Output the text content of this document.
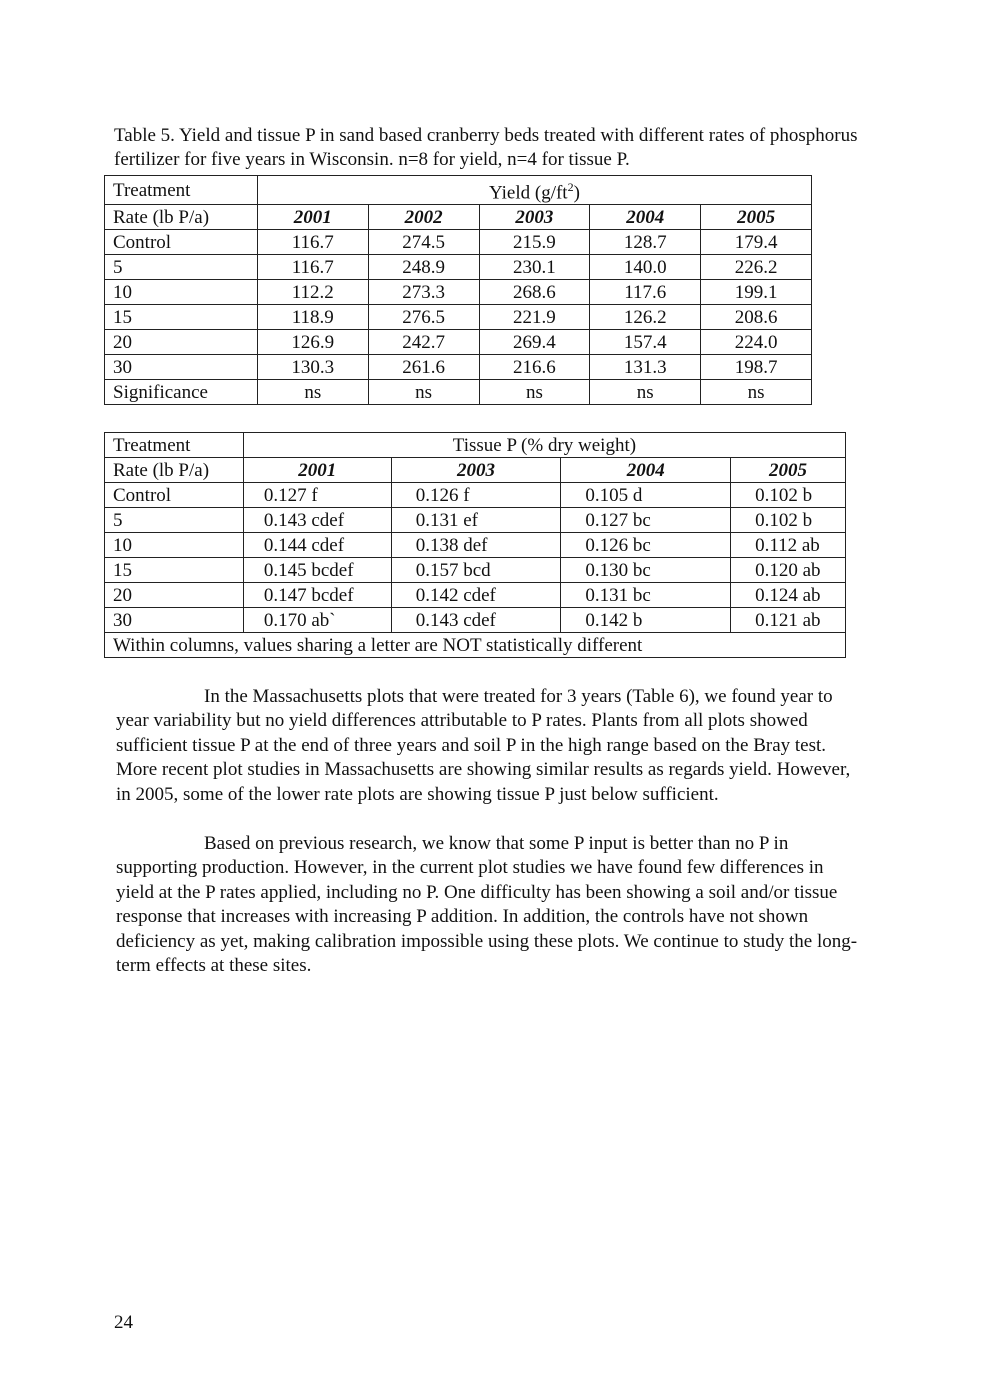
Table 5. Yield and tissue P in sand based cranberry beds treated with different rates of phosphorus fertilizer for five years in Wisconsin. n=8 for yield, n=4 for tissue P.
Treatment	Yield $(g/ft^2)$				
Rate (lb P/a)	2001	2002	2003	2004	2005
Control	116.7	274.5	215.9	128.7	179.4
5	116.7	248.9	230.1	140.0	226.2
10	112.2	273.3	268.6	117.6	199.1
15	118.9	276.5	221.9	126.2	208.6
20	126.9	242.7	269.4	157.4	224.0
30	130.3	261.6	216.6	131.3	198.7
Significance	ns	ns	ns	ns	ns
Treatment	Tissue P (% dry weight)			
Rate (lb P/a)	2001	2003	2004	2005
Control	0.127 f	0.126 f	0.105 d	0.102 b
5	0.143 cdef	0.131 ef	0.127 bc	0.102 b
10	0.144 cdef	0.138 def	0.126 bc	0.112 ab
15	0.145 bcdef	0.157 bcd	0.130 bc	0.120 ab
20	0.147 bcdef	0.142 cdef	0.131 bc	0.124 ab
30	0.170 ab`	0.143 cdef	0.142 b	0.121 ab
Within columns, values sharing a letter are NOT statistically different				

In the Massachusetts plots that were treated for 3 years (Table 6), we found year to year variability but no yield differences attributable to P rates. Plants from all plots showed sufficient tissue P at the end of three years and soil P in the high range based on the Bray test. More recent plot studies in Massachusetts are showing similar results as regards yield. However, in 2005, some of the lower rate plots are showing tissue P just below sufficient.

Based on previous research, we know that some P input is better than no P in supporting production. However, in the current plot studies we have found few differences in yield at the P rates applied, including no P. One difficulty has been showing a soil and/or tissue response that increases with increasing P addition. In addition, the controls have not shown deficiency as yet, making calibration impossible using these plots. We continue to study the long-term effects at these sites.

24
